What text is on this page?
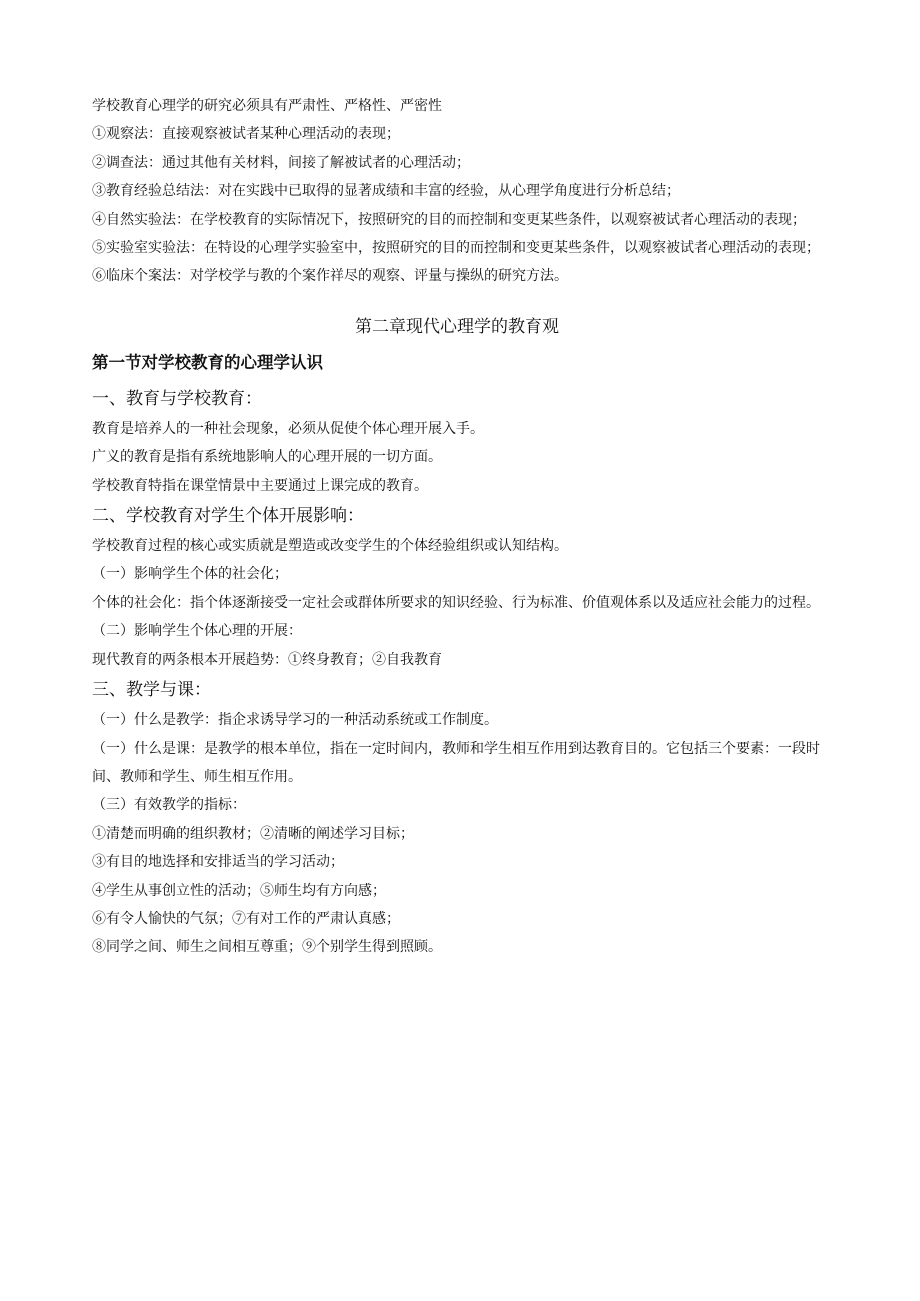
学校教育心理学的研究必须具有严肃性、严格性、严密性

①观察法：直接观察被试者某种心理活动的表现；

②调查法：通过其他有关材料，间接了解被试者的心理活动；

③教育经验总结法：对在实践中已取得的显著成绩和丰富的经验，从心理学角度进行分析总结；

④自然实验法：在学校教育的实际情况下，按照研究的目的而控制和变更某些条件，以观察被试者心理活动的表现；

⑤实验室实验法：在特设的心理学实验室中，按照研究的目的而控制和变更某些条件，以观察被试者心理活动的表现；

⑥临床个案法：对学校学与教的个案作祥尽的观察、评量与操纵的研究方法。

第二章现代心理学的教育观
第一节对学校教育的心理学认识
一、教育与学校教育：

教育是培养人的一种社会现象，必须从促使个体心理开展入手。

广义的教育是指有系统地影响人的心理开展的一切方面。

学校教育特指在课堂情景中主要通过上课完成的教育。

二、学校教育对学生个体开展影响：

学校教育过程的核心或实质就是塑造或改变学生的个体经验组织或认知结构。

（一）影响学生个体的社会化；

个体的社会化：指个体逐渐接受一定社会或群体所要求的知识经验、行为标准、价值观体系以及适应社会能力的过程。

（二）影响学生个体心理的开展：

现代教育的两条根本开展趋势：①终身教育；②自我教育

三、教学与课：

（一）什么是教学：指企求诱导学习的一种活动系统或工作制度。

（一）什么是课：是教学的根本单位，指在一定时间内，教师和学生相互作用到达教育目的。它包括三个要素：一段时间、教师和学生、师生相互作用。

（三）有效教学的指标：

①清楚而明确的组织教材；②清晰的阐述学习目标；

③有目的地选择和安排适当的学习活动；

④学生从事创立性的活动；⑤师生均有方向感；

⑥有令人愉快的气氛；⑦有对工作的严肃认真感；

⑧同学之间、师生之间相互尊重；⑨个别学生得到照顾。
